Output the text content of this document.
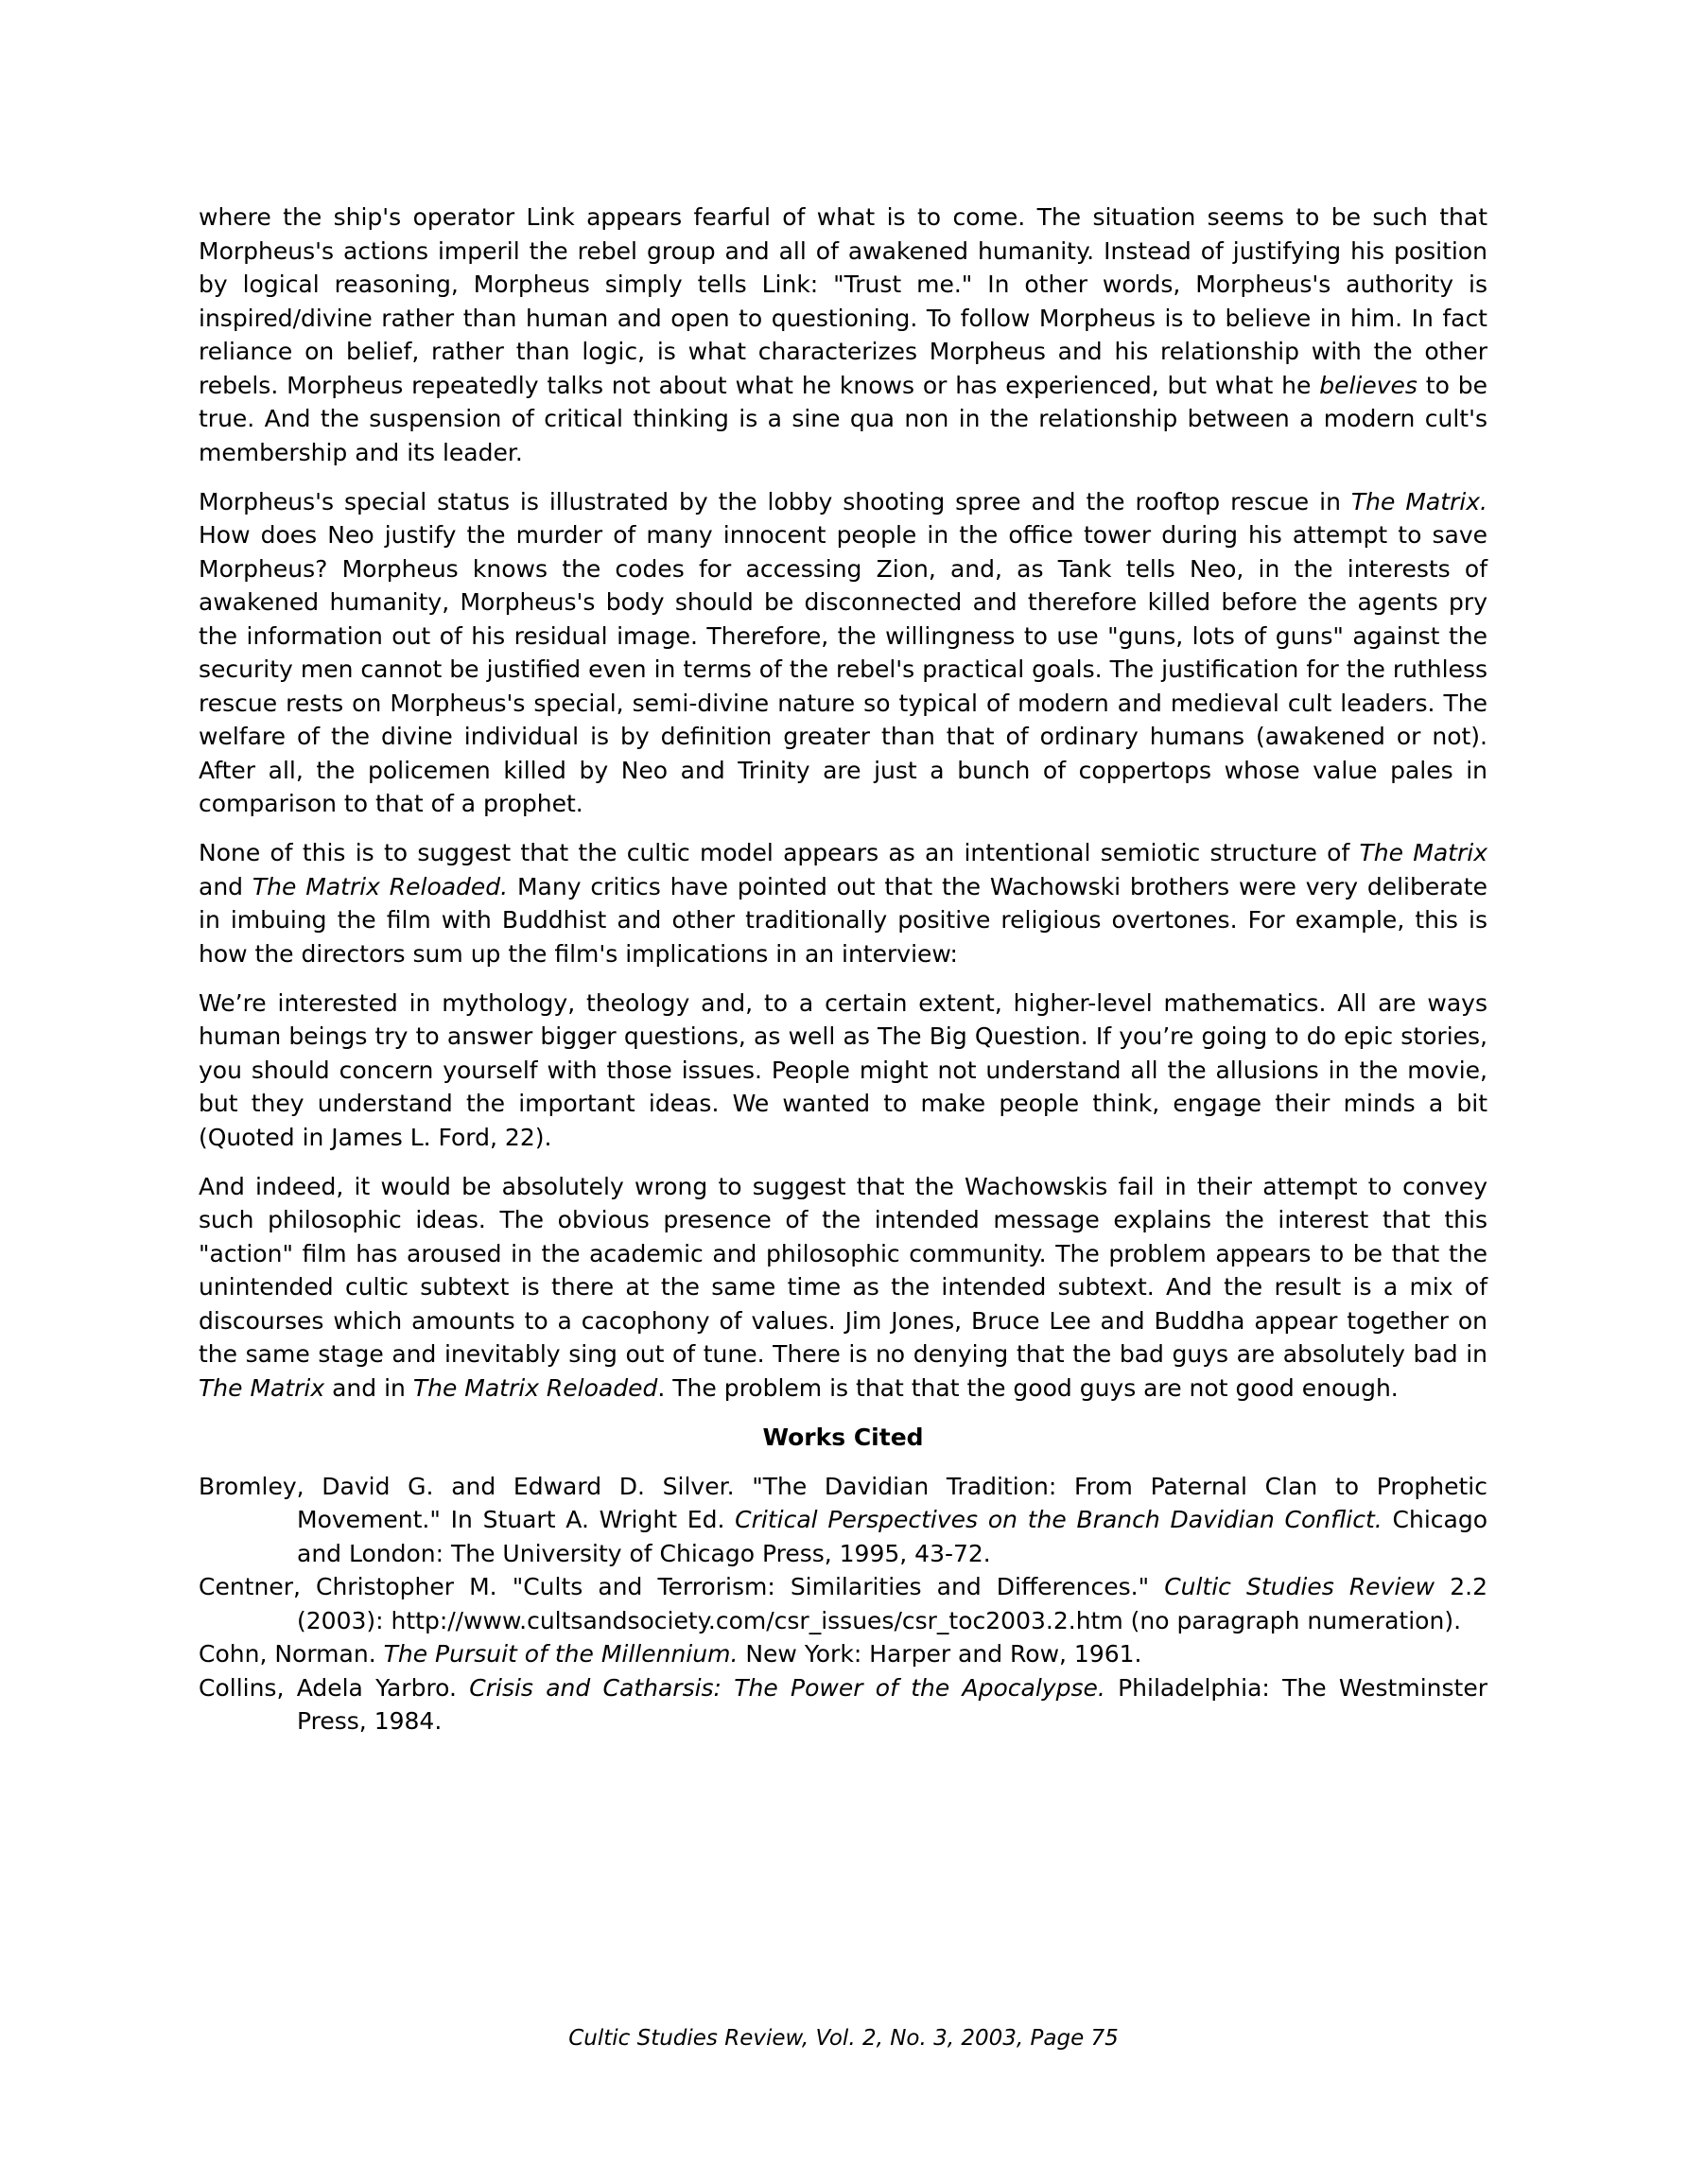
where the ship's operator Link appears fearful of what is to come. The situation seems to be such that Morpheus's actions imperil the rebel group and all of awakened humanity. Instead of justifying his position by logical reasoning, Morpheus simply tells Link: "Trust me." In other words, Morpheus's authority is inspired/divine rather than human and open to questioning. To follow Morpheus is to believe in him. In fact reliance on belief, rather than logic, is what characterizes Morpheus and his relationship with the other rebels. Morpheus repeatedly talks not about what he knows or has experienced, but what he believes to be true. And the suspension of critical thinking is a sine qua non in the relationship between a modern cult's membership and its leader.

Morpheus's special status is illustrated by the lobby shooting spree and the rooftop rescue in The Matrix. How does Neo justify the murder of many innocent people in the office tower during his attempt to save Morpheus? Morpheus knows the codes for accessing Zion, and, as Tank tells Neo, in the interests of awakened humanity, Morpheus's body should be disconnected and therefore killed before the agents pry the information out of his residual image. Therefore, the willingness to use "guns, lots of guns" against the security men cannot be justified even in terms of the rebel's practical goals. The justification for the ruthless rescue rests on Morpheus's special, semi-divine nature so typical of modern and medieval cult leaders. The welfare of the divine individual is by definition greater than that of ordinary humans (awakened or not). After all, the policemen killed by Neo and Trinity are just a bunch of coppertops whose value pales in comparison to that of a prophet.

None of this is to suggest that the cultic model appears as an intentional semiotic structure of The Matrix and The Matrix Reloaded. Many critics have pointed out that the Wachowski brothers were very deliberate in imbuing the film with Buddhist and other traditionally positive religious overtones. For example, this is how the directors sum up the film's implications in an interview:

We’re interested in mythology, theology and, to a certain extent, higher-level mathematics. All are ways human beings try to answer bigger questions, as well as The Big Question. If you’re going to do epic stories, you should concern yourself with those issues. People might not understand all the allusions in the movie, but they understand the important ideas. We wanted to make people think, engage their minds a bit (Quoted in James L. Ford, 22).

And indeed, it would be absolutely wrong to suggest that the Wachowskis fail in their attempt to convey such philosophic ideas. The obvious presence of the intended message explains the interest that this "action" film has aroused in the academic and philosophic community. The problem appears to be that the unintended cultic subtext is there at the same time as the intended subtext. And the result is a mix of discourses which amounts to a cacophony of values. Jim Jones, Bruce Lee and Buddha appear together on the same stage and inevitably sing out of tune. There is no denying that the bad guys are absolutely bad in The Matrix and in The Matrix Reloaded. The problem is that that the good guys are not good enough.

Works Cited
Bromley, David G. and Edward D. Silver. "The Davidian Tradition: From Paternal Clan to Prophetic Movement." In Stuart A. Wright Ed. Critical Perspectives on the Branch Davidian Conflict. Chicago and London: The University of Chicago Press, 1995, 43-72.
Centner, Christopher M. "Cults and Terrorism: Similarities and Differences." Cultic Studies Review 2.2 (2003): http://www.cultsandsociety.com/csr_issues/csr_toc2003.2.htm (no paragraph numeration).
Cohn, Norman. The Pursuit of the Millennium. New York: Harper and Row, 1961.
Collins, Adela Yarbro. Crisis and Catharsis: The Power of the Apocalypse. Philadelphia: The Westminster Press, 1984.
Cultic Studies Review, Vol. 2, No. 3, 2003, Page 75
